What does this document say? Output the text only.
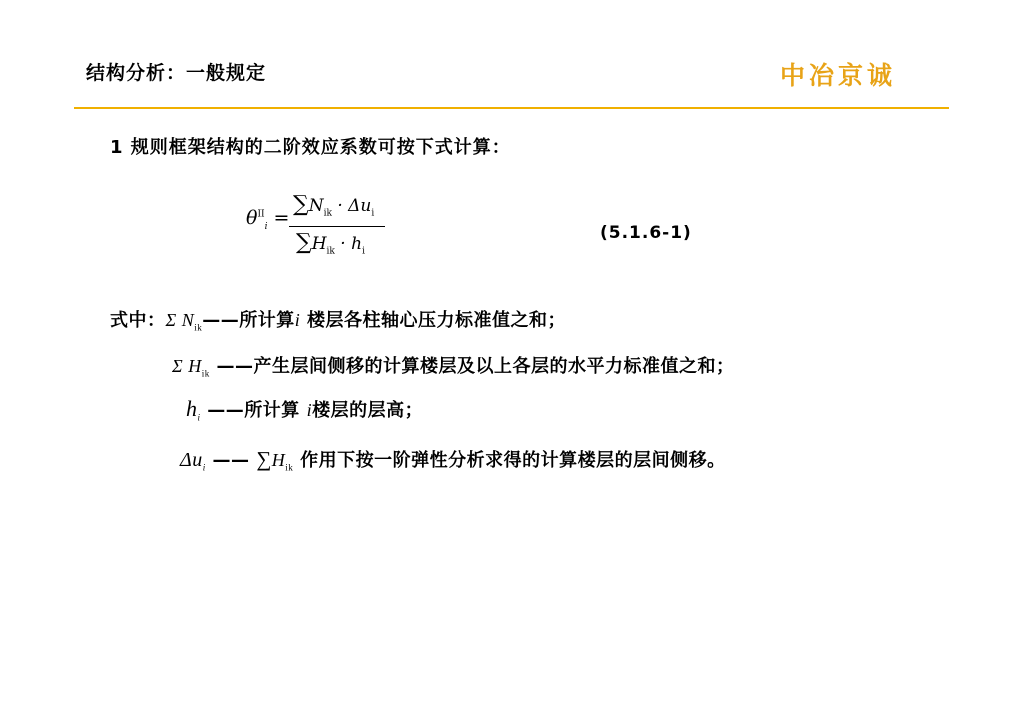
结构分析：一般规定	中冶京诚
1 规则框架结构的二阶效应系数可按下式计算：
$\theta^{II}_i$ =
$\sum N_{ik} \cdot \Delta u_i$
$\sum H_{ik} \cdot h_i$
(5.1.6-1)
式中：Σ $N_{ik}——$所计算i 楼层各柱轴心压力标准值之和；
Σ $H_{ik}$ ——产生层间侧移的计算楼层及以上各层的水平力标准值之和；
$h_i$ ——所计算 i楼层的层高；
$\Delta u_i$ —— $\sum H_{ik}$ 作用下按一阶弹性分析求得的计算楼层的层间侧移。
